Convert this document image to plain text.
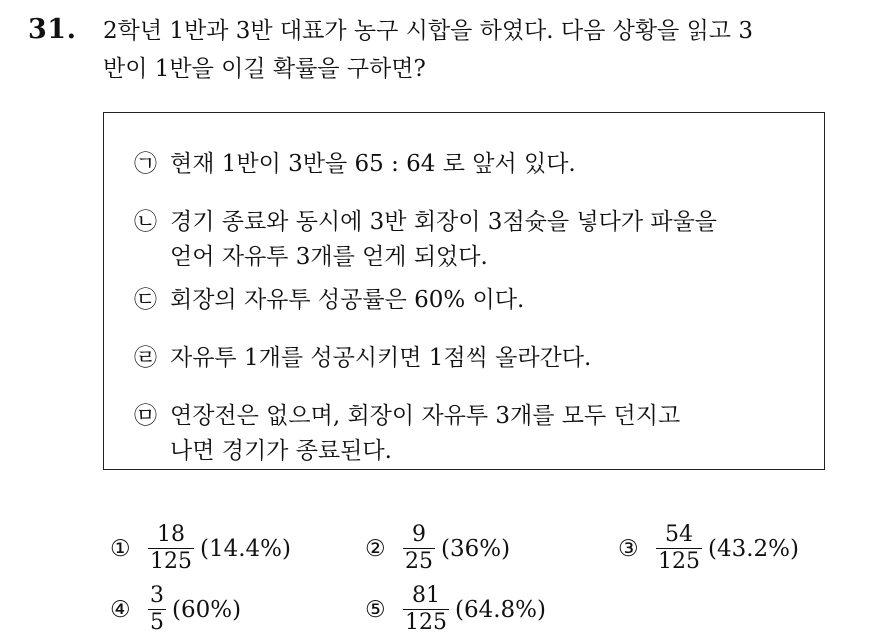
31. 2학년 1반과 3반 대표가 농구 시합을 하였다. 다음 상황을 읽고 3
반이 1반을 이길 확률을 구하면?
㉠ 현재 1반이 3반을 65 : 64 로 앞서 있다.
㉡ 경기 종료와 동시에 3반 회장이 3점슛을 넣다가 파울을
얻어 자유투 3개를 얻게 되었다.
㉢ 회장의 자유투 성공률은 60% 이다.
㉣ 자유투 1개를 성공시키면 1점씩 올라간다.
㉤ 연장전은 없으며, 회장이 자유투 3개를 모두 던지고
나면 경기가 종료된다.
① $\frac{18}{125} (14.4\%)$	② $\frac{9}{25} (36\%)$	③ $\frac{54}{125} (43.2\%)$
④ $\frac{3}{5} (60\%)$	⑤ $\frac{81}{125} (64.8\%)$
